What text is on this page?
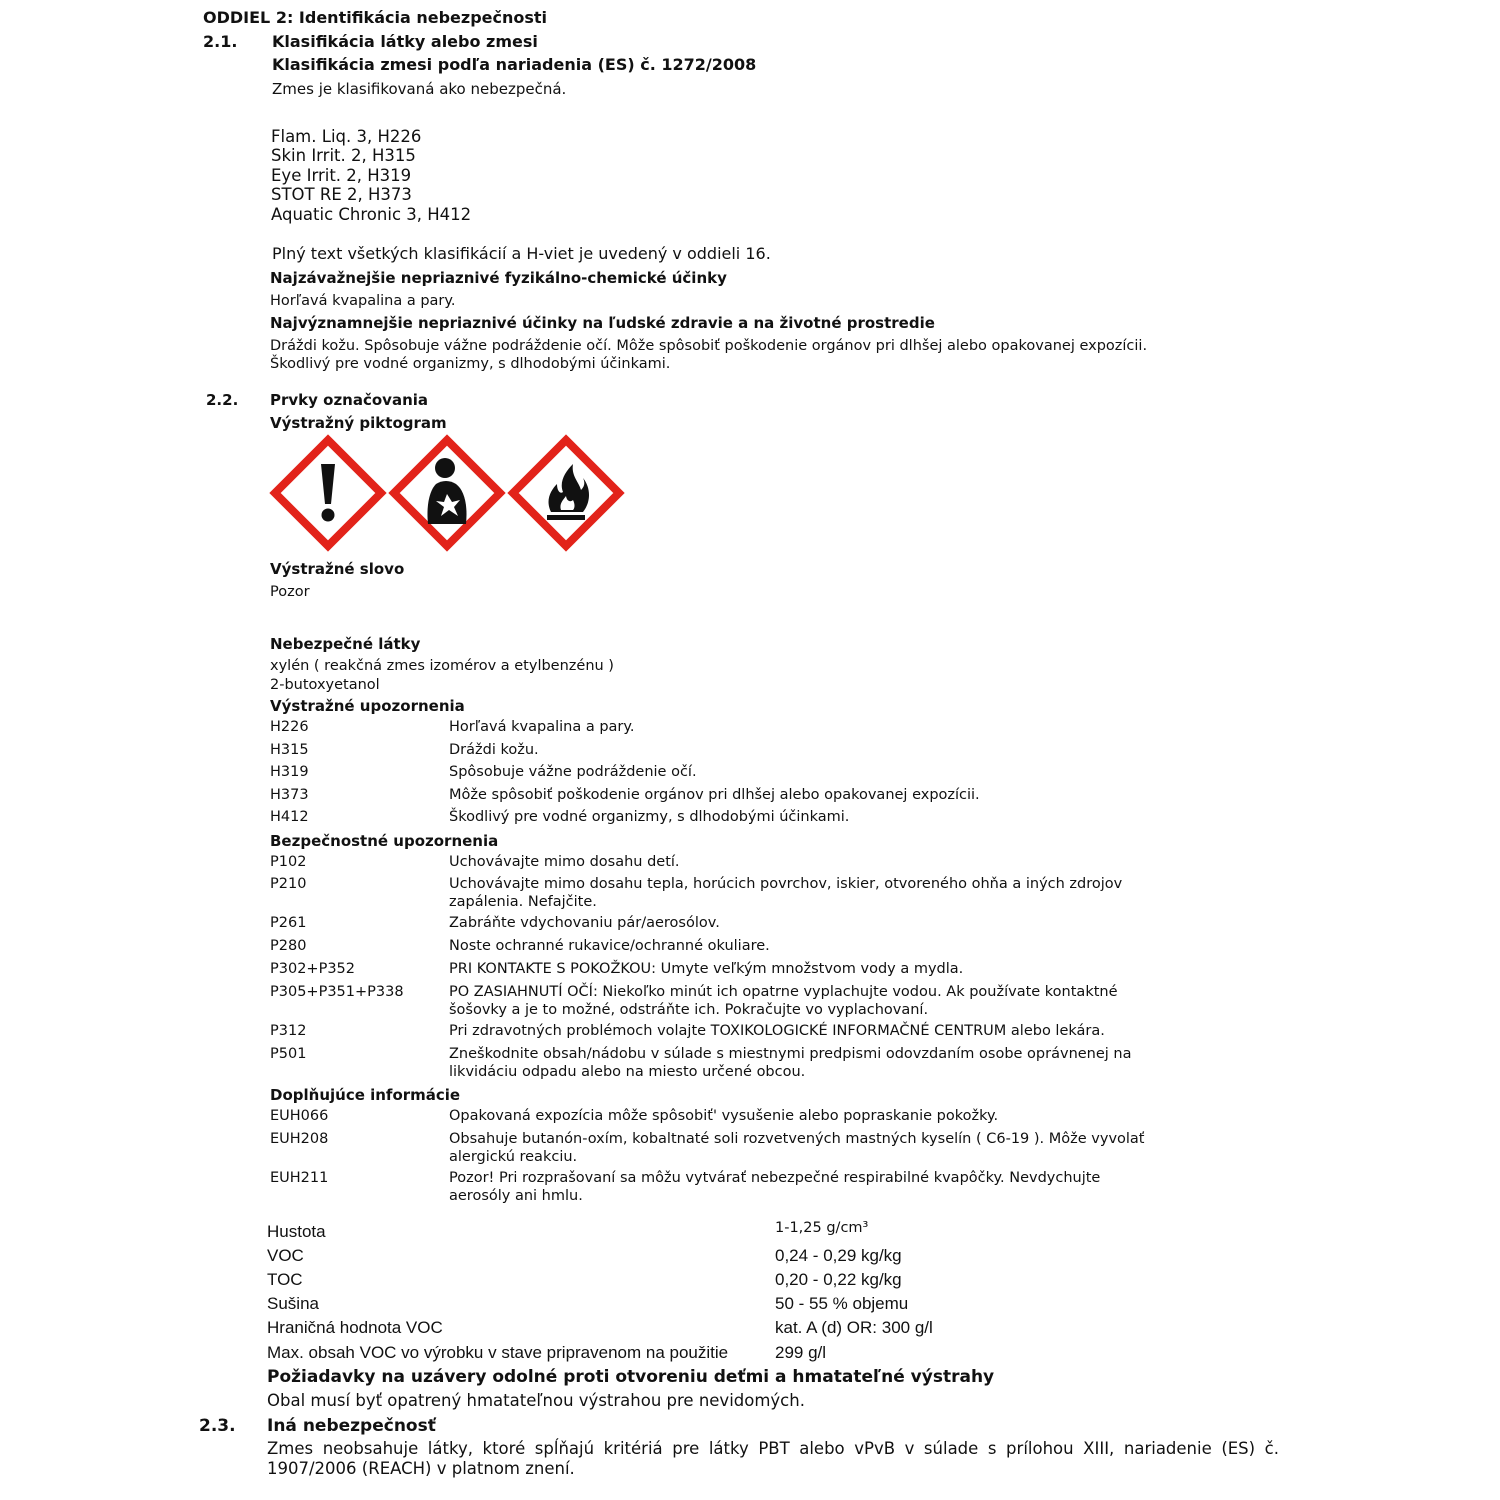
ODDIEL 2: Identifikácia nebezpečnosti
2.1. Klasifikácia látky alebo zmesi
Klasifikácia zmesi podľa nariadenia (ES) č. 1272/2008
Zmes je klasifikovaná ako nebezpečná.
Flam. Liq. 3, H226
Skin Irrit. 2, H315
Eye Irrit. 2, H319
STOT RE 2, H373
Aquatic Chronic 3, H412
Plný text všetkých klasifikácií a H-viet je uvedený v oddieli 16.
Najzávažnejšie nepriaznivé fyzikálno-chemické účinky
Horľavá kvapalina a pary.
Najvýznamnejšie nepriaznivé účinky na ľudské zdravie a na životné prostredie
Dráždi kožu. Spôsobuje vážne podráždenie očí. Môže spôsobiť poškodenie orgánov pri dlhšej alebo opakovanej expozícii.
Škodlivý pre vodné organizmy, s dlhodobými účinkami.
2.2. Prvky označovania
Výstražný piktogram
Výstražné slovo
Pozor
Nebezpečné látky
xylén ( reakčná zmes izomérov a etylbenzénu )
2-butoxyetanol
Výstražné upozornenia
H226	Horľavá kvapalina a pary.
H315	Dráždi kožu.
H319	Spôsobuje vážne podráždenie očí.
H373	Môže spôsobiť poškodenie orgánov pri dlhšej alebo opakovanej expozícii.
H412	Škodlivý pre vodné organizmy, s dlhodobými účinkami.
Bezpečnostné upozornenia
P102	Uchovávajte mimo dosahu detí.
P210	Uchovávajte mimo dosahu tepla, horúcich povrchov, iskier, otvoreného ohňa a iných zdrojov zapálenia. Nefajčite.
P261	Zabráňte vdychovaniu pár/aerosólov.
P280	Noste ochranné rukavice/ochranné okuliare.
P302+P352	PRI KONTAKTE S POKOŽKOU: Umyte veľkým množstvom vody a mydla.
P305+P351+P338	PO ZASIAHNUTÍ OČÍ: Niekoľko minút ich opatrne vyplachujte vodou. Ak používate kontaktné šošovky a je to možné, odstráňte ich. Pokračujte vo vyplachovaní.
P312	Pri zdravotných problémoch volajte TOXIKOLOGICKÉ INFORMAČNÉ CENTRUM alebo lekára.
P501	Zneškodnite obsah/nádobu v súlade s miestnymi predpismi odovzdaním osobe oprávnenej na likvidáciu odpadu alebo na miesto určené obcou.
Doplňujúce informácie
EUH066	Opakovaná expozícia môže spôsobiť' vysušenie alebo popraskanie pokožky.
EUH208	Obsahuje butanón-oxím, kobaltnaté soli rozvetvených mastných kyselín ( C6-19 ). Môže vyvolať alergickú reakciu.
EUH211	Pozor! Pri rozprašovaní sa môžu vytvárať nebezpečné respirabilné kvapôčky. Nevdychujte aerosóly ani hmlu.
Hustota	1-1,25 g/cm³
VOC	0,24 - 0,29 kg/kg
TOC	0,20 - 0,22 kg/kg
Sušina	50 - 55 % objemu
Hraničná hodnota VOC	kat. A (d) OR: 300 g/l
Max. obsah VOC vo výrobku v stave pripravenom na použitie	299 g/l
Požiadavky na uzávery odolné proti otvoreniu deťmi a hmatateľné výstrahy
Obal musí byť opatrený hmatateľnou výstrahou pre nevidomých.
2.3. Iná nebezpečnosť
Zmes neobsahuje látky, ktoré spĺňajú kritériá pre látky PBT alebo vPvB v súlade s prílohou XIII, nariadenie (ES) č. 1907/2006 (REACH) v platnom znení.
